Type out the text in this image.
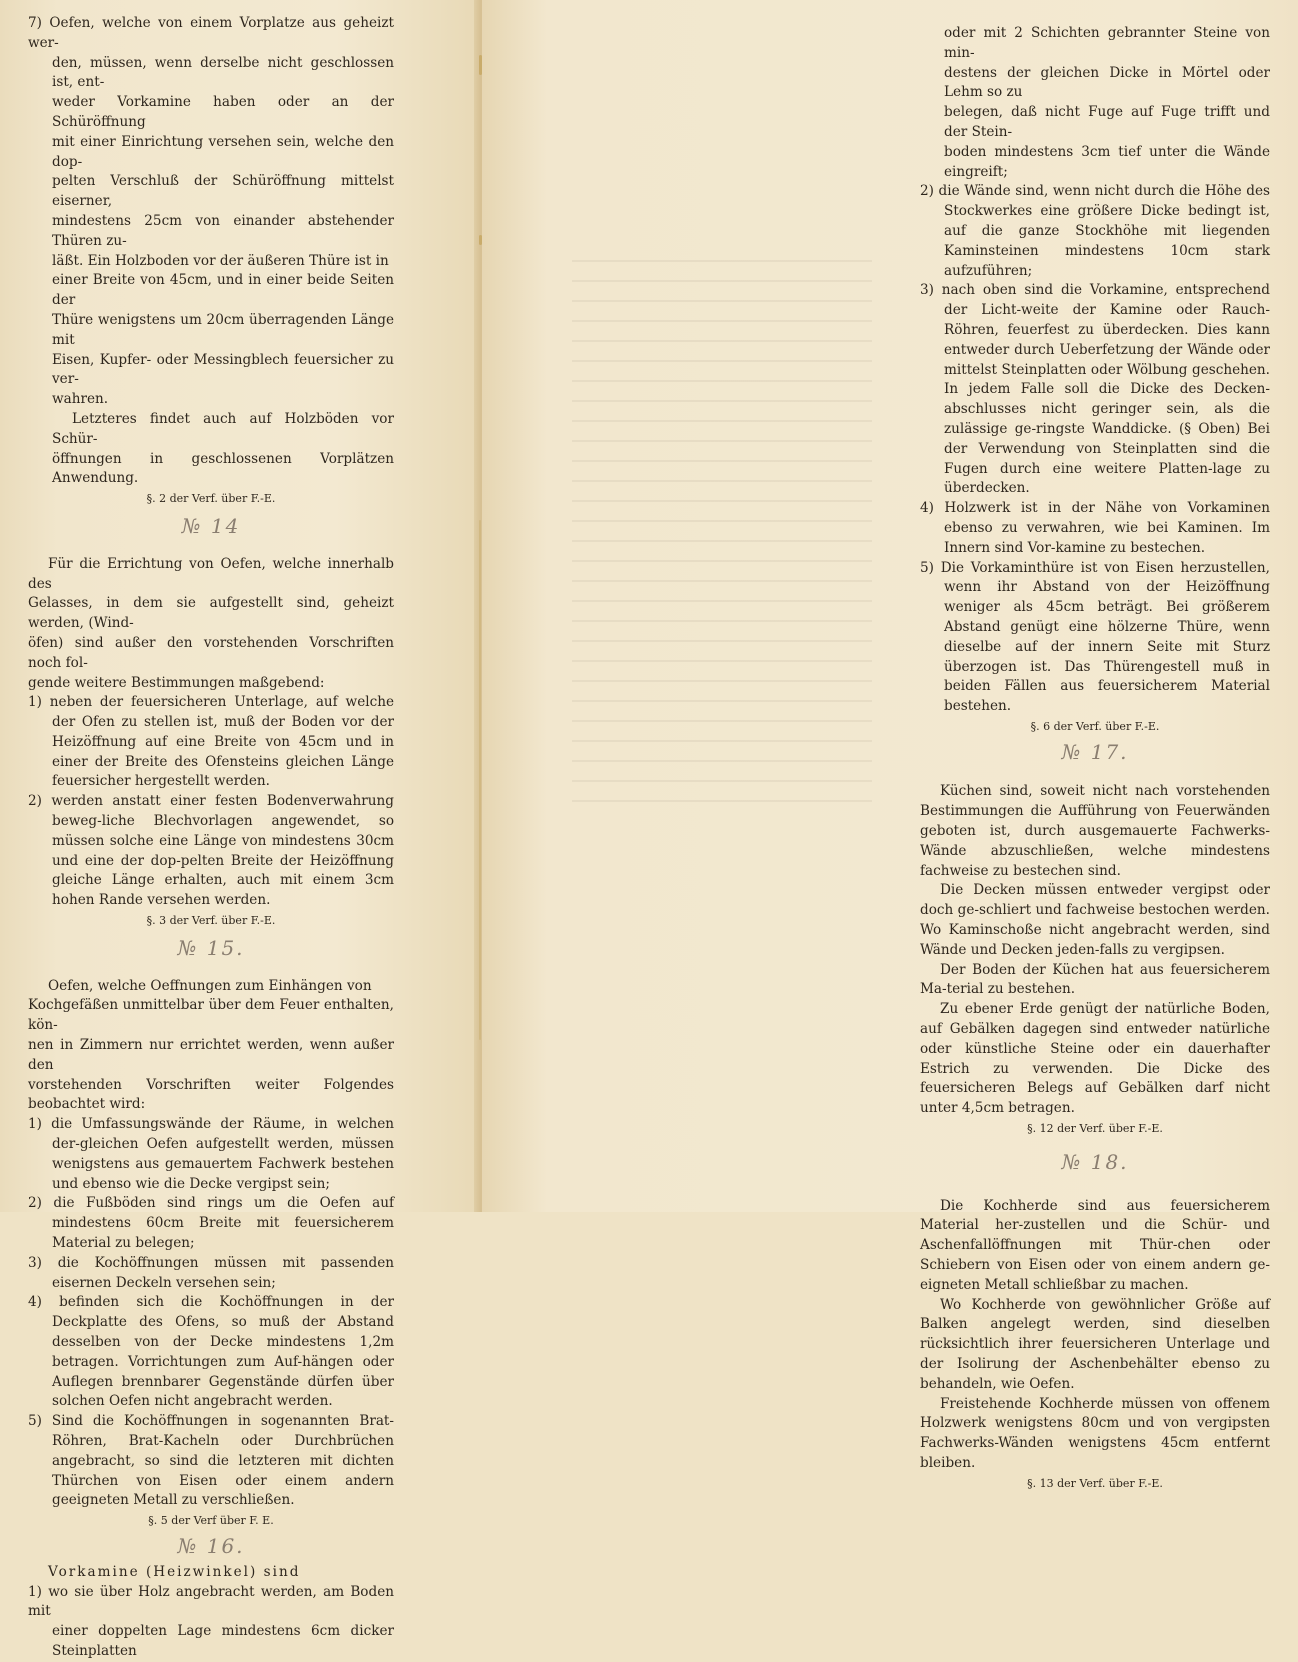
7) Oefen, welche von einem Vorplatze aus geheizt wer-

den, müssen, wenn derselbe nicht geschlossen ist, ent-

weder Vorkamine haben oder an der Schüröffnung

mit einer Einrichtung versehen sein, welche den dop-

pelten Verschluß der Schüröffnung mittelst eiserner,

mindestens 25cm von einander abstehender Thüren zu-

läßt. Ein Holzboden vor der äußeren Thüre ist in

einer Breite von 45cm, und in einer beide Seiten der

Thüre wenigstens um 20cm überragenden Länge mit

Eisen, Kupfer- oder Messingblech feuersicher zu ver-

wahren.

Letzteres findet auch auf Holzböden vor Schür-

öffnungen in geschlossenen Vorplätzen Anwendung.

§. 2 der Verf. über F.-E.

№ 14

Für die Errichtung von Oefen, welche innerhalb des

Gelasses, in dem sie aufgestellt sind, geheizt werden, (Wind-

öfen) sind außer den vorstehenden Vorschriften noch fol-

gende weitere Bestimmungen maßgebend:

1) neben der feuersicheren Unterlage, auf welche der Ofen zu stellen ist, muß der Boden vor der Heizöffnung auf eine Breite von 45cm und in einer der Breite des Ofensteins gleichen Länge feuersicher hergestellt werden.

2) werden anstatt einer festen Bodenverwahrung beweg-liche Blechvorlagen angewendet, so müssen solche eine Länge von mindestens 30cm und eine der dop-pelten Breite der Heizöffnung gleiche Länge erhalten, auch mit einem 3cm hohen Rande versehen werden.

§. 3 der Verf. über F.-E.

№ 15.

Oefen, welche Oeffnungen zum Einhängen von

Kochgefäßen unmittelbar über dem Feuer enthalten, kön-

nen in Zimmern nur errichtet werden, wenn außer den

vorstehenden Vorschriften weiter Folgendes beobachtet wird:

1) die Umfassungswände der Räume, in welchen der-gleichen Oefen aufgestellt werden, müssen wenigstens aus gemauertem Fachwerk bestehen und ebenso wie die Decke vergipst sein;

2) die Fußböden sind rings um die Oefen auf mindestens 60cm Breite mit feuersicherem Material zu belegen;

3) die Kochöffnungen müssen mit passenden eisernen Deckeln versehen sein;

4) befinden sich die Kochöffnungen in der Deckplatte des Ofens, so muß der Abstand desselben von der Decke mindestens 1,2m betragen. Vorrichtungen zum Auf-hängen oder Auflegen brennbarer Gegenstände dürfen über solchen Oefen nicht angebracht werden.

5) Sind die Kochöffnungen in sogenannten Brat-Röhren, Brat-Kacheln oder Durchbrüchen angebracht, so sind die letzteren mit dichten Thürchen von Eisen oder einem andern geeigneten Metall zu verschließen.

§. 5 der Verf über F. E.

№ 16.

Vorkamine (Heizwinkel) sind

1) wo sie über Holz angebracht werden, am Boden mit

einer doppelten Lage mindestens 6cm dicker Steinplatten

oder mit 2 Schichten gebrannter Steine von min-

destens der gleichen Dicke in Mörtel oder Lehm so zu

belegen, daß nicht Fuge auf Fuge trifft und der Stein-

boden mindestens 3cm tief unter die Wände eingreift;

2) die Wände sind, wenn nicht durch die Höhe des Stockwerkes eine größere Dicke bedingt ist, auf die ganze Stockhöhe mit liegenden Kaminsteinen mindestens 10cm stark aufzuführen;

3) nach oben sind die Vorkamine, entsprechend der Licht-weite der Kamine oder Rauch-Röhren, feuerfest zu überdecken. Dies kann entweder durch Ueberfetzung der Wände oder mittelst Steinplatten oder Wölbung geschehen. In jedem Falle soll die Dicke des Decken-abschlusses nicht geringer sein, als die zulässige ge-ringste Wanddicke. (§ Oben) Bei der Verwendung von Steinplatten sind die Fugen durch eine weitere Platten-lage zu überdecken.

4) Holzwerk ist in der Nähe von Vorkaminen ebenso zu verwahren, wie bei Kaminen. Im Innern sind Vor-kamine zu bestechen.

5) Die Vorkaminthüre ist von Eisen herzustellen, wenn ihr Abstand von der Heizöffnung weniger als 45cm beträgt. Bei größerem Abstand genügt eine hölzerne Thüre, wenn dieselbe auf der innern Seite mit Sturz überzogen ist. Das Thürengestell muß in beiden Fällen aus feuersicherem Material bestehen.

§. 6 der Verf. über F.-E.

№ 17.

Küchen sind, soweit nicht nach vorstehenden Bestimmungen die Aufführung von Feuerwänden geboten ist, durch ausgemauerte Fachwerks-Wände abzuschließen, welche mindestens fachweise zu bestechen sind.

Die Decken müssen entweder vergipst oder doch ge-schliert und fachweise bestochen werden. Wo Kaminschoße nicht angebracht werden, sind Wände und Decken jeden-falls zu vergipsen.

Der Boden der Küchen hat aus feuersicherem Ma-terial zu bestehen.

Zu ebener Erde genügt der natürliche Boden, auf Gebälken dagegen sind entweder natürliche oder künstliche Steine oder ein dauerhafter Estrich zu verwenden. Die Dicke des feuersicheren Belegs auf Gebälken darf nicht unter 4,5cm betragen.

§. 12 der Verf. über F.-E.

№ 18.

Die Kochherde sind aus feuersicherem Material her-zustellen und die Schür- und Aschenfallöffnungen mit Thür-chen oder Schiebern von Eisen oder von einem andern ge-eigneten Metall schließbar zu machen.

Wo Kochherde von gewöhnlicher Größe auf Balken angelegt werden, sind dieselben rücksichtlich ihrer feuersicheren Unterlage und der Isolirung der Aschenbehälter ebenso zu behandeln, wie Oefen.

Freistehende Kochherde müssen von offenem Holzwerk wenigstens 80cm und von vergipsten Fachwerks-Wänden wenigstens 45cm entfernt bleiben.

§. 13 der Verf. über F.-E.
